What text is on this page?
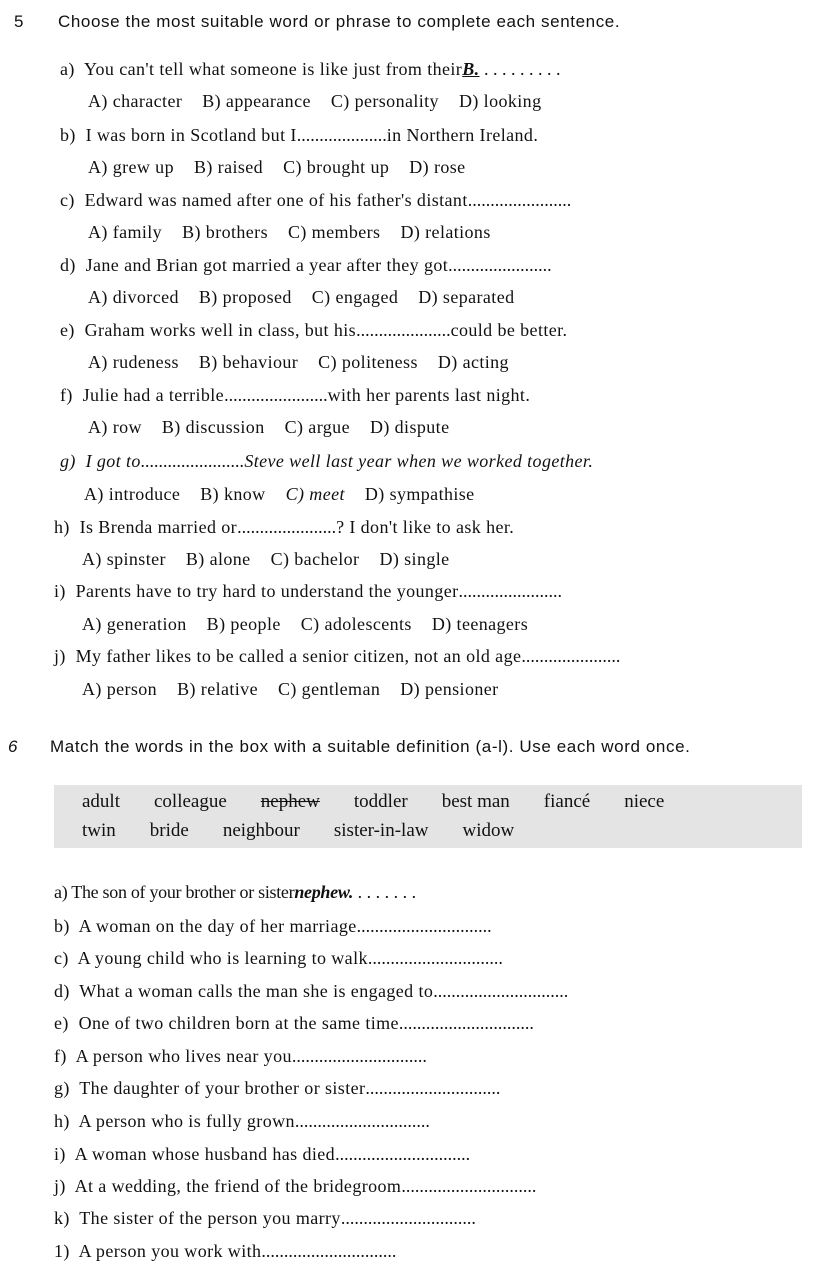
5 Choose the most suitable word or phrase to complete each sentence.
a) You can't tell what someone is like just from theirB. . . . . . . . . .
A) character B) appearance C) personality D) looking
b) I was born in Scotland but I....................in Northern Ireland.
A) grew up B) raised C) brought up D) rose
c) Edward was named after one of his father's distant.......................
A) family B) brothers C) members D) relations
d) Jane and Brian got married a year after they got.......................
A) divorced B) proposed C) engaged D) separated
e) Graham works well in class, but his.....................could be better.
A) rudeness B) behaviour C) politeness D) acting
f) Julie had a terrible.......................with her parents last night.
A) row B) discussion C) argue D) dispute
g) I got to.......................Steve well last year when we worked together.
A) introduce B) know C) meet D) sympathise
h) Is Brenda married or......................? I don't like to ask her.
A) spinster B) alone C) bachelor D) single
i) Parents have to try hard to understand the younger.......................
A) generation B) people C) adolescents D) teenagers
j) My father likes to be called a senior citizen, not an old age......................
A) person B) relative C) gentleman D) pensioner
6 Match the words in the box with a suitable definition (a-l). Use each word once.
adult colleague nephew toddler best man fiancé niece
twin bride neighbour sister-in-law widow
a) The son of your brother or sisternephew. . . . . . . .
b) A woman on the day of her marriage..............................
c) A young child who is learning to walk..............................
d) What a woman calls the man she is engaged to..............................
e) One of two children born at the same time..............................
f) A person who lives near you..............................
g) The daughter of your brother or sister..............................
h) A person who is fully grown..............................
i) A woman whose husband has died..............................
j) At a wedding, the friend of the bridegroom..............................
k) The sister of the person you marry..............................
1) A person you work with..............................
